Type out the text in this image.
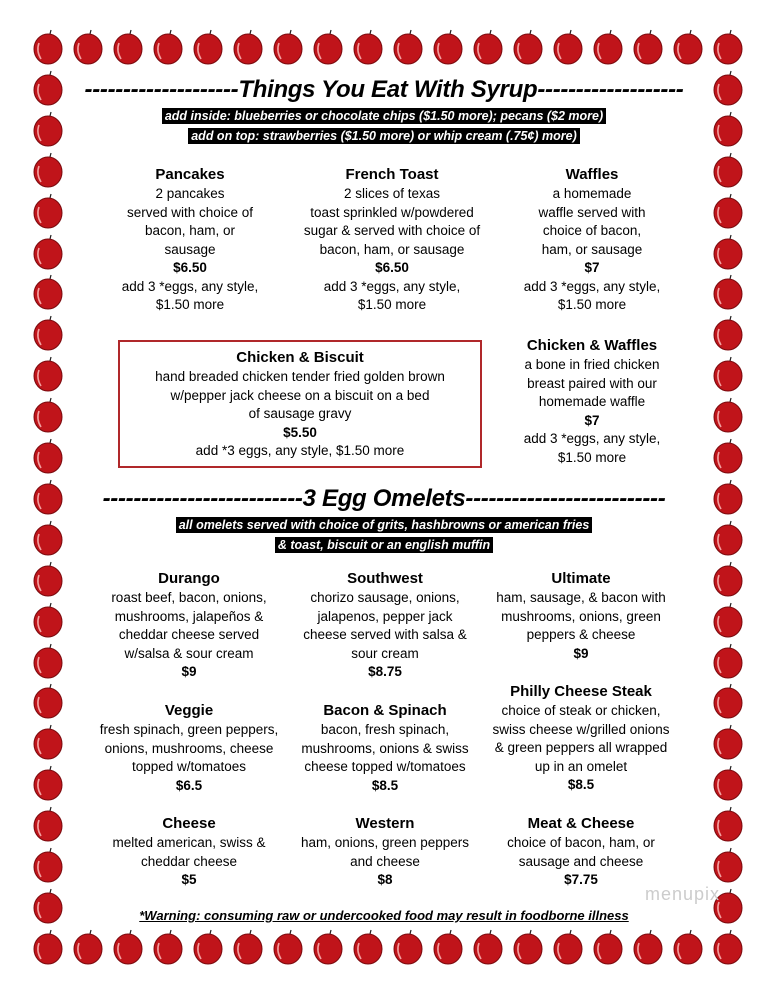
--------------------Things You Eat With Syrup-------------------
add inside: blueberries or chocolate chips ($1.50 more); pecans ($2 more)
add on top: strawberries ($1.50 more) or whip cream (.75¢) more)
Pancakes
2 pancakes
served with choice of
bacon, ham, or
sausage
$6.50
add 3 *eggs, any style,
$1.50 more
French Toast
2 slices of texas
toast sprinkled w/powdered
sugar & served with choice of
bacon, ham, or sausage
$6.50
add 3 *eggs, any style,
$1.50 more
Waffles
a homemade
waffle served with
choice of bacon,
ham, or sausage
$7
add 3 *eggs, any style,
$1.50 more
Chicken & Waffles
a bone in fried chicken
breast paired with our
homemade waffle
$7
add 3 *eggs, any style,
$1.50 more
Chicken & Biscuit
hand breaded chicken tender fried golden brown
w/pepper jack cheese on a biscuit on a bed
of sausage gravy
$5.50
add *3 eggs, any style, $1.50 more
--------------------------3 Egg Omelets--------------------------
all omelets served with choice of grits, hashbrowns or american fries
& toast, biscuit or an english muffin
Durango
roast beef, bacon, onions,
mushrooms, jalapeños &
cheddar cheese served
w/salsa & sour cream
$9
Southwest
chorizo sausage, onions,
jalapenos, pepper jack
cheese served with salsa &
sour cream
$8.75
Ultimate
ham, sausage, & bacon with
mushrooms, onions, green
peppers & cheese
$9
Veggie
fresh spinach, green peppers,
onions, mushrooms, cheese
topped w/tomatoes
$6.5
Bacon & Spinach
bacon, fresh spinach,
mushrooms, onions & swiss
cheese topped w/tomatoes
$8.5
Philly Cheese Steak
choice of steak or chicken,
swiss cheese w/grilled onions
& green peppers all wrapped
up in an omelet
$8.5
Cheese
melted american, swiss &
cheddar cheese
$5
Western
ham, onions, green peppers
and cheese
$8
Meat & Cheese
choice of bacon, ham, or
sausage and cheese
$7.75
*Warning: consuming raw or undercooked food may result in foodborne illness
menupix
